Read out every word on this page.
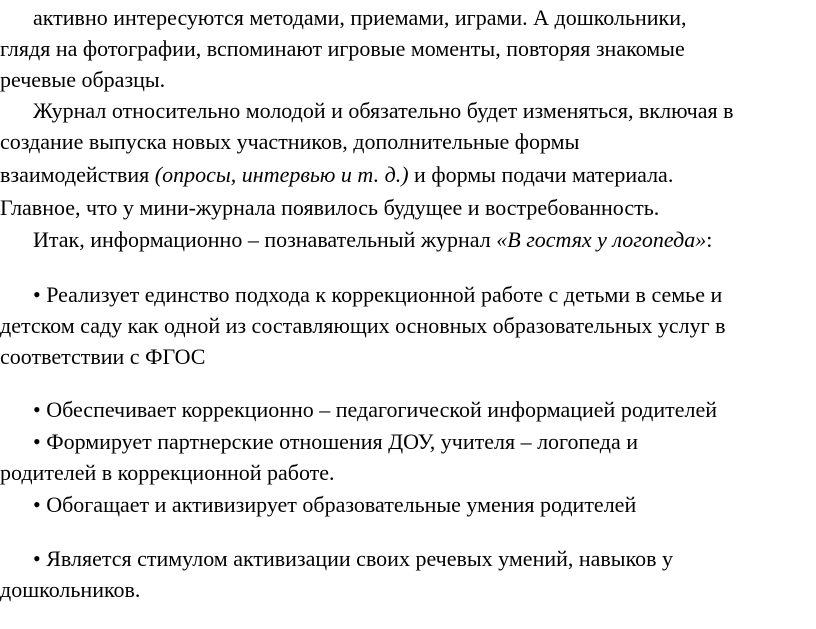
активно интересуются методами, приемами, играми. А дошкольники,
глядя на фотографии, вспоминают игровые моменты, повторяя знакомые
речевые образцы.
Журнал относительно молодой и обязательно будет изменяться, включая в
создание выпуска новых участников, дополнительные формы
взаимодействия (опросы, интервью и т. д.) и формы подачи материала.
Главное, что у мини-журнала появилось будущее и востребованность.
Итак, информационно – познавательный журнал «В гостях у логопеда»:
• Реализует единство подхода к коррекционной работе с детьми в семье и
детском саду как одной из составляющих основных образовательных услуг в
соответствии с ФГОС
• Обеспечивает коррекционно – педагогической информацией родителей
• Формирует партнерские отношения ДОУ, учителя – логопеда и
родителей в коррекционной работе.
• Обогащает и активизирует образовательные умения родителей
• Является стимулом активизации своих речевых умений, навыков у
дошкольников.
